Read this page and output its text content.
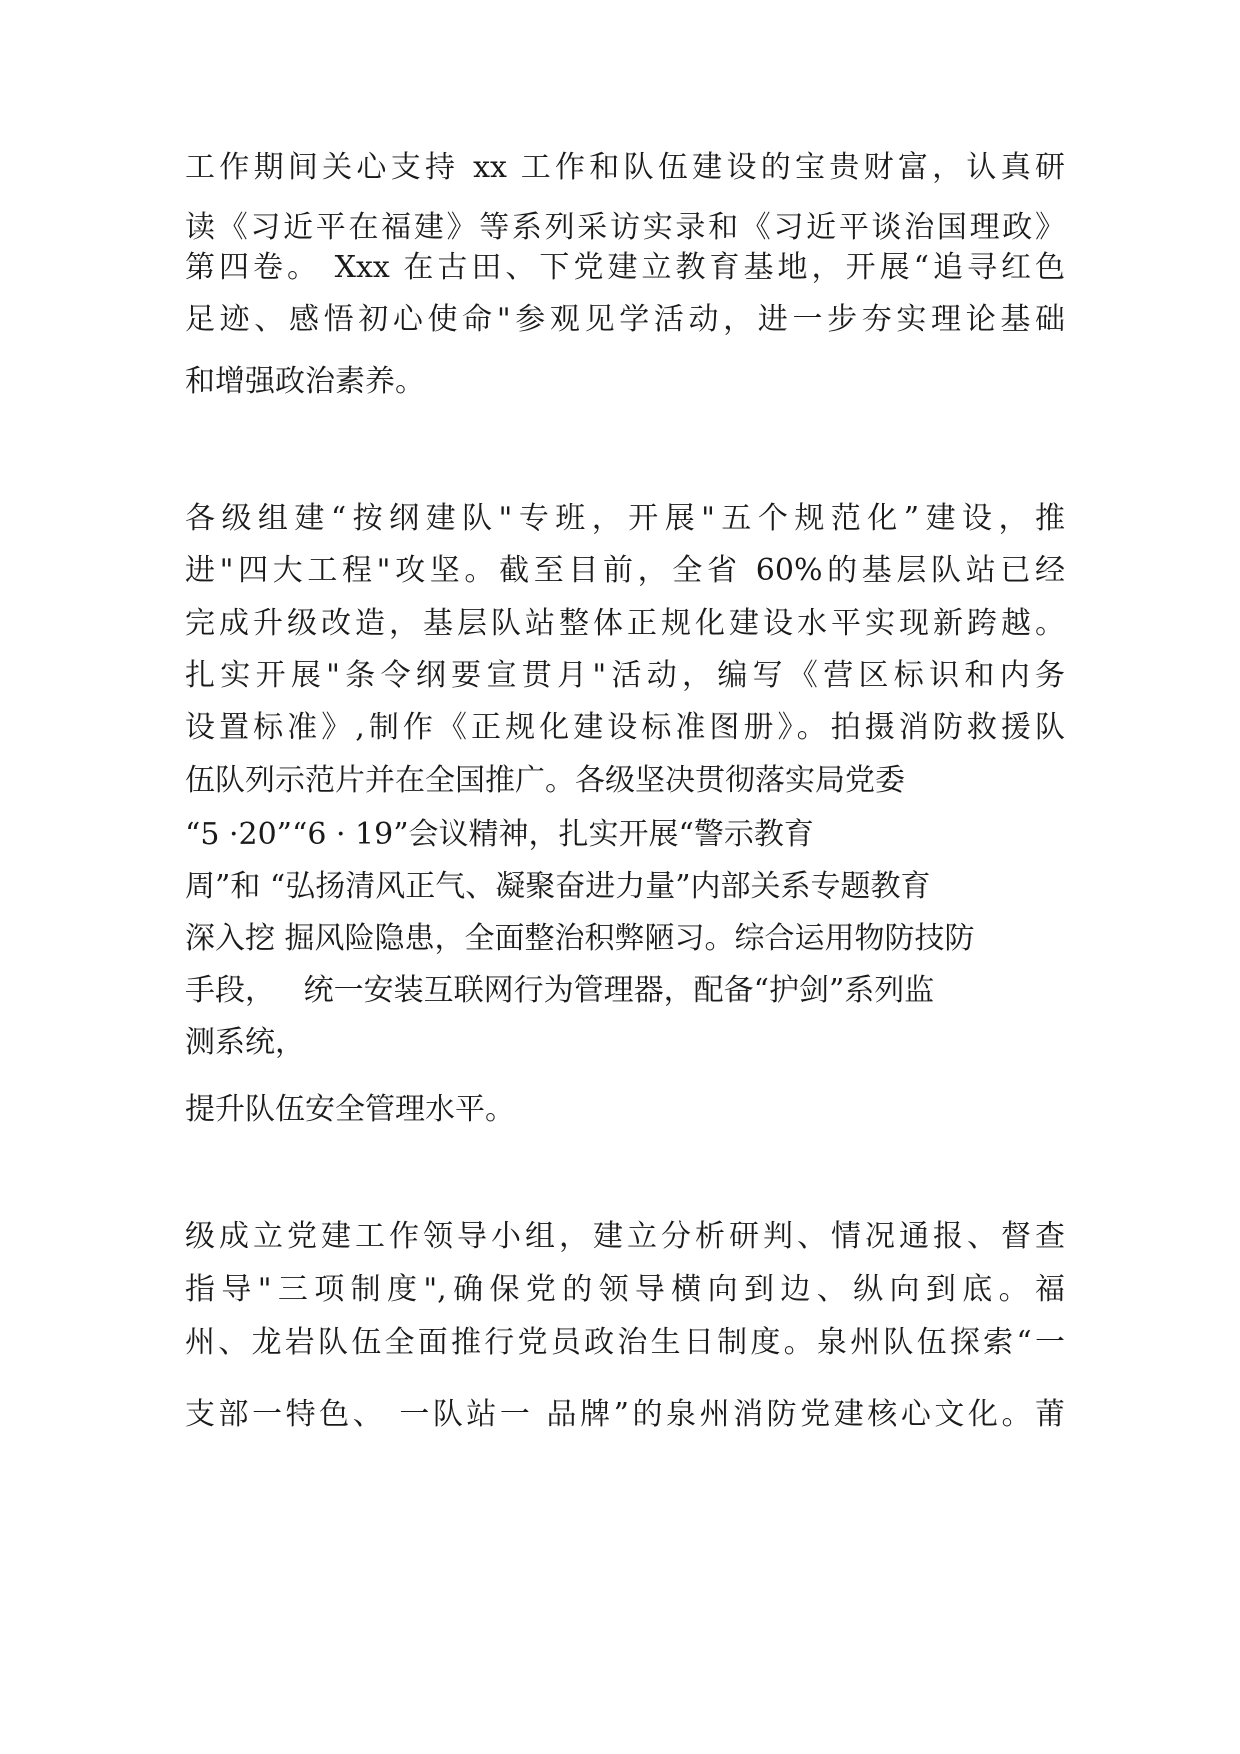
工作期间关心支持 xx 工作和队伍建设的宝贵财富，认真研
读《习近平在福建》等系列采访实录和《习近平谈治国理政》
第四卷。 Xxx 在古田、下党建立教育基地，开展“追寻红色
足迹、感悟初心使命"参观见学活动，进一步夯实理论基础
和增强政治素养。

各级组建“按纲建队"专班，开展"五个规范化”建设，推
进"四大工程"攻坚。截至目前，全省 60%的基层队站已经
完成升级改造，基层队站整体正规化建设水平实现新跨越。
扎实开展"条令纲要宣贯月"活动，编写《营区标识和内务
设置标准》,制作《正规化建设标准图册》。拍摄消防救援队
伍队列示范片并在全国推广。各级坚决贯彻落实局党委
“5 ·20”“6 · 19”会议精神，扎实开展“警示教育
周”和 “弘扬清风正气、凝聚奋进力量”内部关系专题教育
深入挖 掘风险隐患，全面整治积弊陋习。综合运用物防技防
手段，   统一安装互联网行为管理器，配备“护剑”系列监
测系统，
提升队伍安全管理水平。

级成立党建工作领导小组，建立分析研判、情况通报、督查
指导"三项制度",确保党的领导横向到边、纵向到底。福
州、龙岩队伍全面推行党员政治生日制度。泉州队伍探索“一
支部一特色、 一队站一 品牌”的泉州消防党建核心文化。莆
